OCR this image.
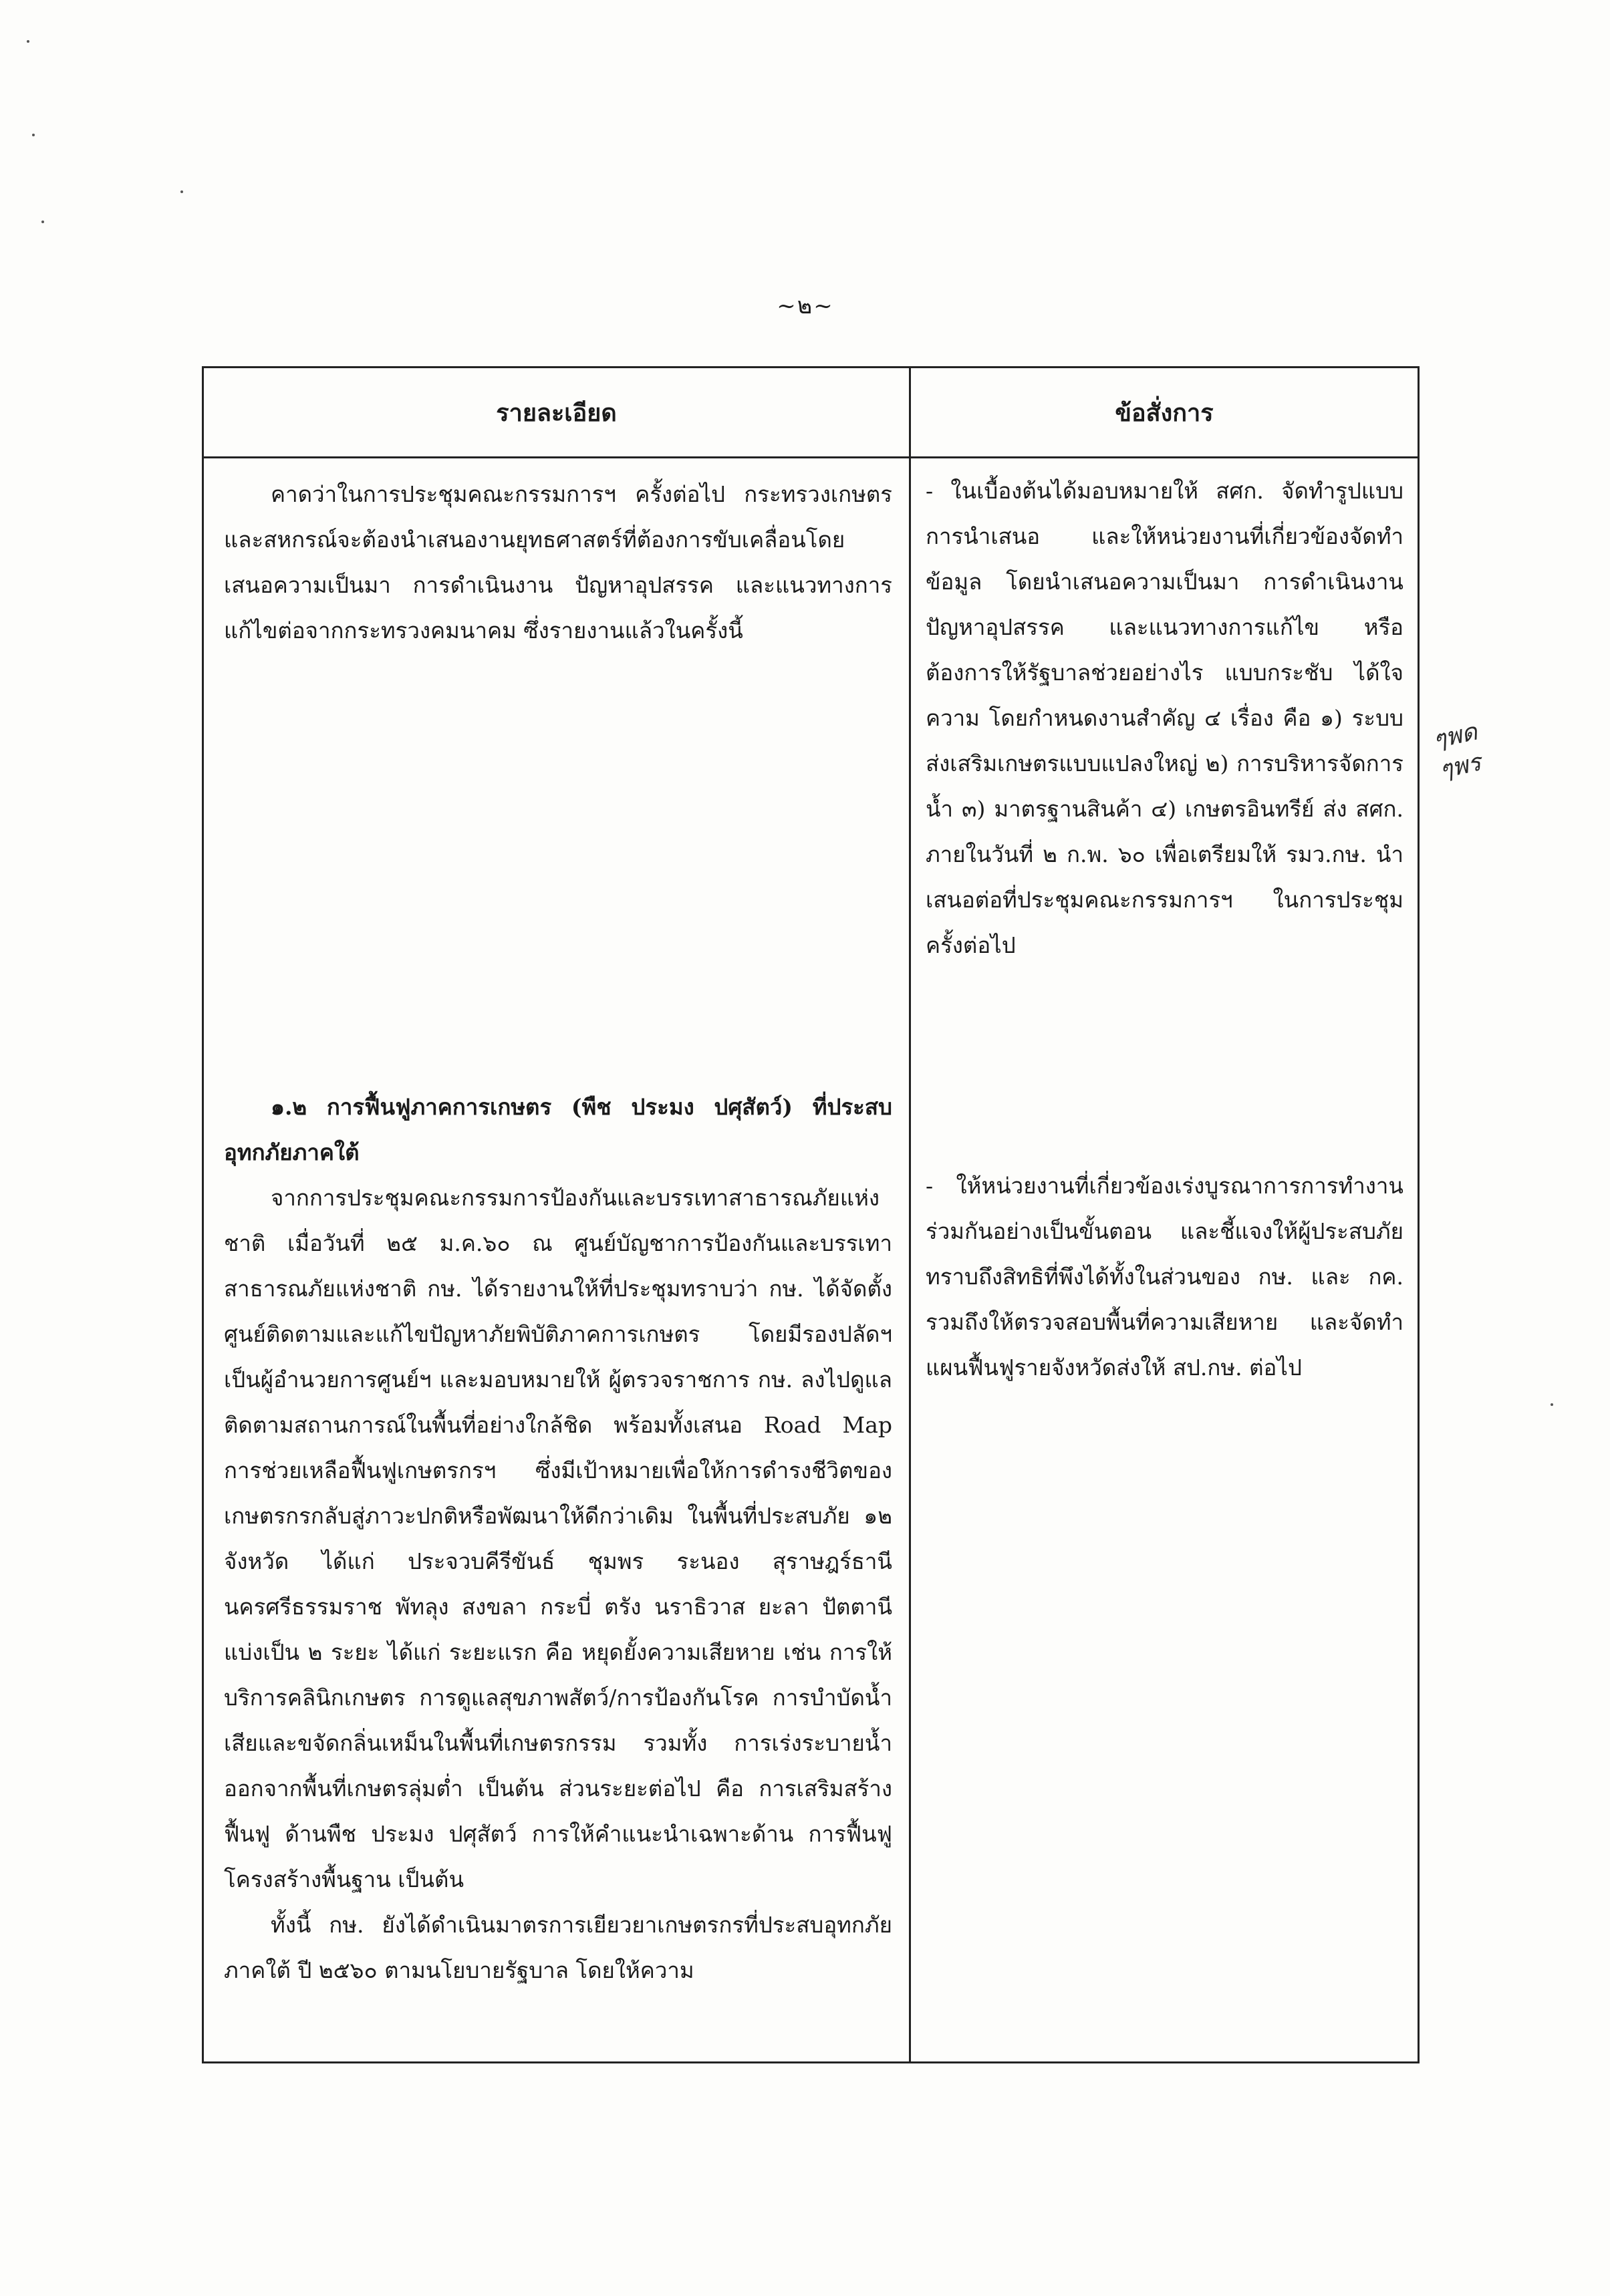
~๒~
รายละเอียด	ข้อสั่งการ

คาดว่าในการประชุมคณะกรรมการฯ ครั้งต่อไป กระทรวงเกษตรและสหกรณ์จะต้องนำเสนองานยุทธศาสตร์ที่ต้องการขับเคลื่อนโดยเสนอความเป็นมา การดำเนินงาน ปัญหาอุปสรรค และแนวทางการแก้ไขต่อจากกระทรวงคมนาคม ซึ่งรายงานแล้วในครั้งนี้

- ในเบื้องต้นได้มอบหมายให้ สศก. จัดทำรูปแบบการนำเสนอ และให้หน่วยงานที่เกี่ยวข้องจัดทำข้อมูล โดยนำเสนอความเป็นมา การดำเนินงาน ปัญหาอุปสรรค และแนวทางการแก้ไข หรือต้องการให้รัฐบาลช่วยอย่างไร แบบกระชับ ได้ใจความ โดยกำหนดงานสำคัญ ๔ เรื่อง คือ ๑) ระบบส่งเสริมเกษตรแบบแปลงใหญ่ ๒) การบริหารจัดการน้ำ ๓) มาตรฐานสินค้า ๔) เกษตรอินทรีย์ ส่ง สศก. ภายในวันที่ ๒ ก.พ. ๖๐ เพื่อเตรียมให้ รมว.กษ. นำเสนอต่อที่ประชุมคณะกรรมการฯ ในการประชุมครั้งต่อไป

๑.๒ การฟื้นฟูภาคการเกษตร (พืช ประมง ปศุสัตว์) ที่ประสบอุทกภัยภาคใต้

จากการประชุมคณะกรรมการป้องกันและบรรเทาสาธารณภัยแห่งชาติ เมื่อวันที่ ๒๕ ม.ค.๖๐ ณ ศูนย์บัญชาการป้องกันและบรรเทาสาธารณภัยแห่งชาติ กษ. ได้รายงานให้ที่ประชุมทราบว่า กษ. ได้จัดตั้งศูนย์ติดตามและแก้ไขปัญหาภัยพิบัติภาคการเกษตร โดยมีรองปลัดฯ เป็นผู้อำนวยการศูนย์ฯ และมอบหมายให้ ผู้ตรวจราชการ กษ. ลงไปดูแลติดตามสถานการณ์ในพื้นที่อย่างใกล้ชิด พร้อมทั้งเสนอ Road Map การช่วยเหลือฟื้นฟูเกษตรกรฯ ซึ่งมีเป้าหมายเพื่อให้การดำรงชีวิตของเกษตรกรกลับสู่ภาวะปกติหรือพัฒนาให้ดีกว่าเดิม ในพื้นที่ประสบภัย ๑๒ จังหวัด ได้แก่ ประจวบคีรีขันธ์ ชุมพร ระนอง สุราษฎร์ธานี นครศรีธรรมราช พัทลุง สงขลา กระบี่ ตรัง นราธิวาส ยะลา ปัตตานี แบ่งเป็น ๒ ระยะ ได้แก่ ระยะแรก คือ หยุดยั้งความเสียหาย เช่น การให้บริการคลินิกเกษตร การดูแลสุขภาพสัตว์/การป้องกันโรค การบำบัดน้ำเสียและขจัดกลิ่นเหม็นในพื้นที่เกษตรกรรม รวมทั้ง การเร่งระบายน้ำออกจากพื้นที่เกษตรลุ่มต่ำ เป็นต้น ส่วนระยะต่อไป คือ การเสริมสร้างฟื้นฟู ด้านพืช ประมง ปศุสัตว์ การให้คำแนะนำเฉพาะด้าน การฟื้นฟูโครงสร้างพื้นฐาน เป็นต้น

ทั้งนี้ กษ. ยังได้ดำเนินมาตรการเยียวยาเกษตรกรที่ประสบอุทกภัยภาคใต้ ปี ๒๕๖๐ ตามนโยบายรัฐบาล โดยให้ความ

- ให้หน่วยงานที่เกี่ยวข้องเร่งบูรณาการการทำงานร่วมกันอย่างเป็นขั้นตอน และชี้แจงให้ผู้ประสบภัยทราบถึงสิทธิที่พึงได้ทั้งในส่วนของ กษ. และ กค. รวมถึงให้ตรวจสอบพื้นที่ความเสียหาย และจัดทำแผนฟื้นฟูรายจังหวัดส่งให้ สป.กษ. ต่อไป

ๆพด
ๆพร
